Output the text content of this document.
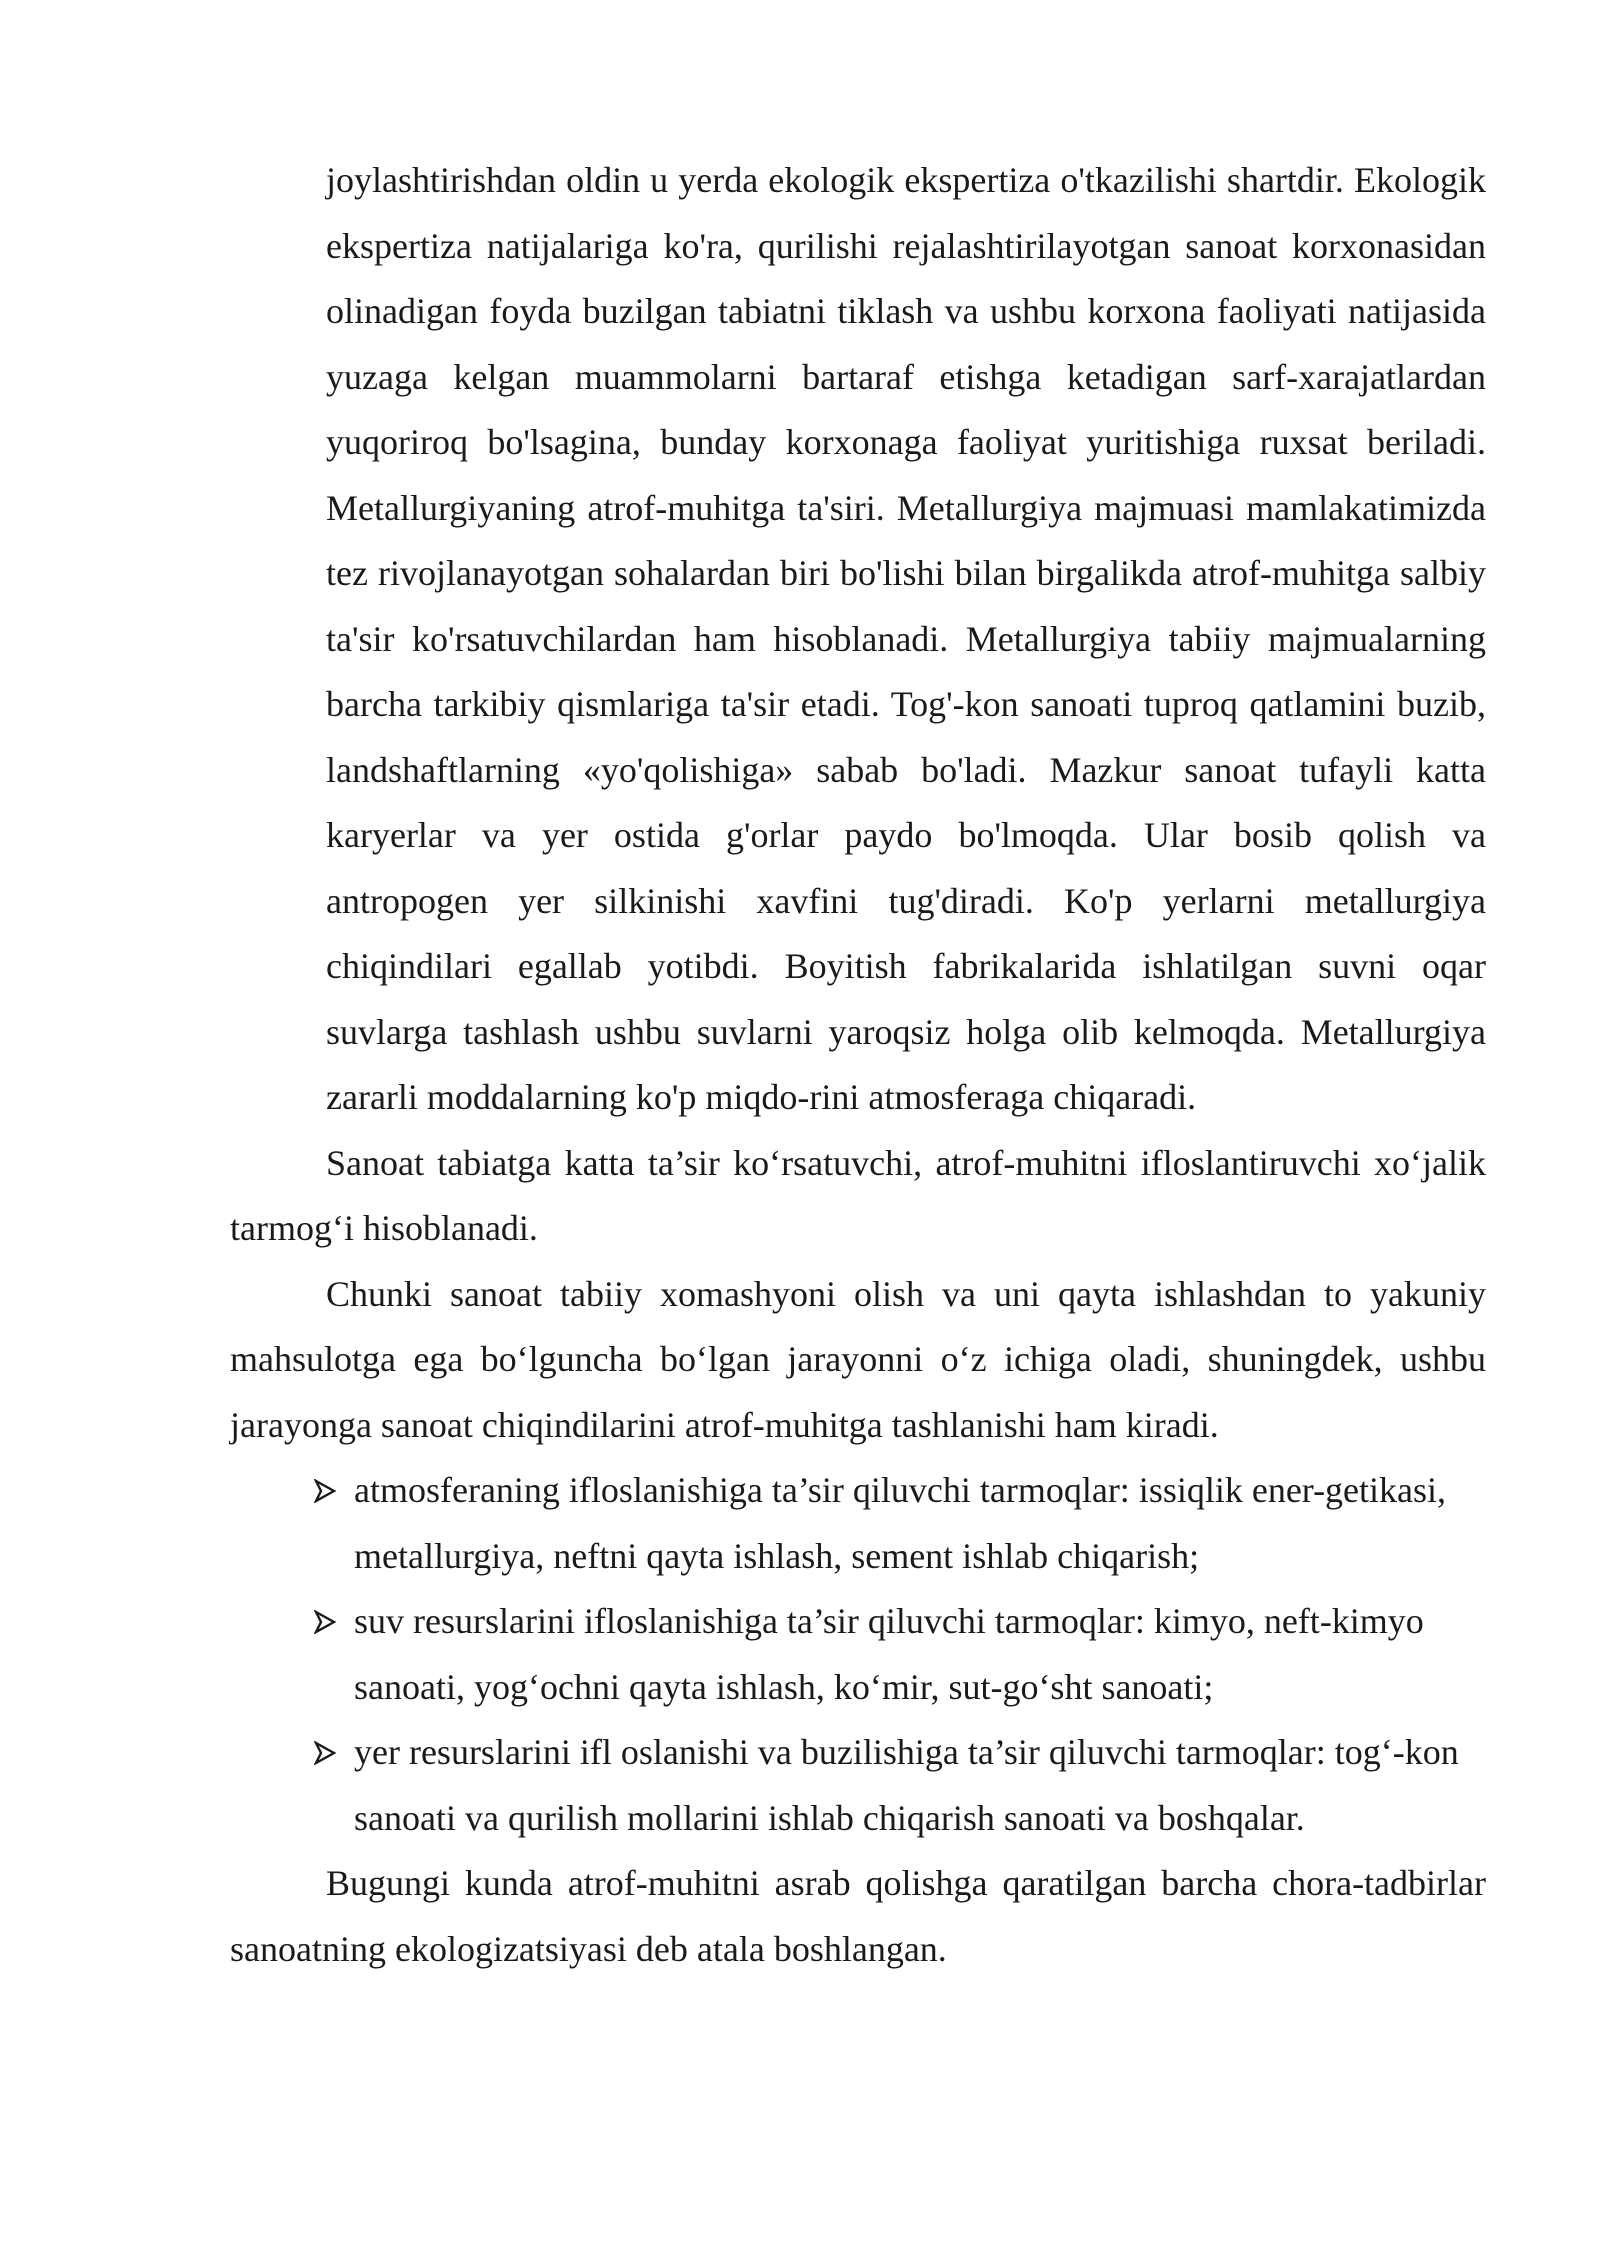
joylashtirishdan oldin u yerda ekologik ekspertiza o'tkazilishi shartdir. Ekologik ekspertiza natijalariga ko'ra, qurilishi rejalashtirilayotgan sanoat korxonasidan olinadigan foyda buzilgan tabiatni tiklash va ushbu korxona faoliyati natijasida yuzaga kelgan muammolarni bartaraf etishga ketadigan sarf-xarajatlardan yuqoriroq bo'lsagina, bunday korxonaga faoliyat yuritishiga ruxsat beriladi. Metallurgiyaning atrof-muhitga ta'siri. Metallurgiya majmuasi mamlakatimizda tez rivojlanayotgan sohalardan biri bo'lishi bilan birgalikda atrof-muhitga salbiy ta'sir ko'rsatuvchilardan ham hisoblanadi. Metallurgiya tabiiy majmualarning barcha tarkibiy qismlariga ta'sir etadi. Tog'-kon sanoati tuproq qatlamini buzib, landshaftlarning «yo'qolishiga» sabab bo'ladi. Mazkur sanoat tufayli katta karyerlar va yer ostida g'orlar paydo bo'lmoqda. Ular bosib qolish va antropogen yer silkinishi xavfini tug'diradi. Ko'p yerlarni metallurgiya chiqindilari egallab yotibdi. Boyitish fabrikalarida ishlatilgan suvni oqar suvlarga tashlash ushbu suvlarni yaroqsiz holga olib kelmoqda. Metallurgiya zararli moddalarning ko'p miqdo-rini atmosferaga chiqaradi.

Sanoat tabiatga katta ta’sir ko‘rsatuvchi, atrof-muhitni ifloslantiruvchi xo‘jalik tarmog‘i hisoblanadi.

Chunki sanoat tabiiy xomashyoni olish va uni qayta ishlashdan to yakuniy mahsulotga ega bo‘lguncha bo‘lgan jarayonni o‘z ichiga oladi, shuningdek, ushbu jarayonga sanoat chiqindilarini atrof-muhitga tashlanishi ham kiradi.

atmosferaning ifloslanishiga ta’sir qiluvchi tarmoqlar: issiqlik ener-getikasi, metallurgiya, neftni qayta ishlash, sement ishlab chiqarish;
suv resurslarini ifloslanishiga ta’sir qiluvchi tarmoqlar: kimyo, neft-kimyo sanoati, yog‘ochni qayta ishlash, ko‘mir, sut-go‘sht sanoati;
yer resurslarini ifl oslanishi va buzilishiga ta’sir qiluvchi tarmoqlar: tog‘-kon sanoati va qurilish mollarini ishlab chiqarish sanoati va boshqalar.

Bugungi kunda atrof-muhitni asrab qolishga qaratilgan barcha chora-tadbirlar sanoatning ekologizatsiyasi deb atala boshlangan.
